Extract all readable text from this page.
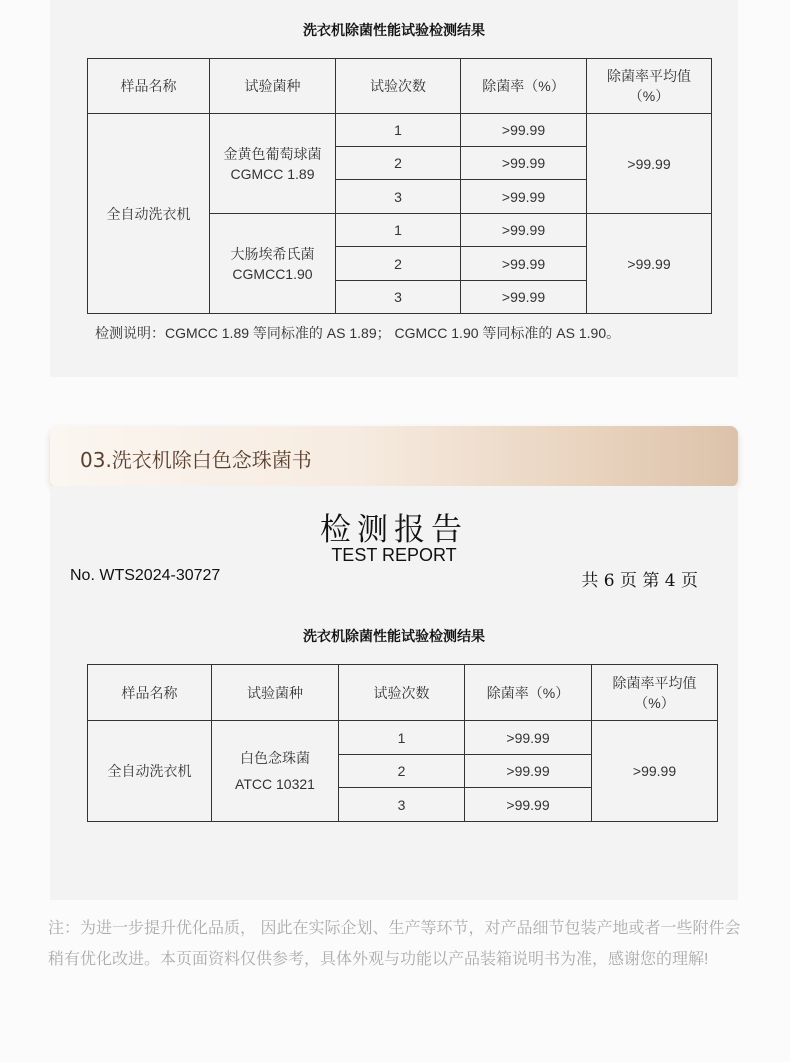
洗衣机除菌性能试验检测结果
样品名称	试验菌种	试验次数	除菌率（%）	除菌率平均值（%）

全自动洗衣机	金黄色葡萄球菌 CGMCC 1.89	1	>99.99	>99.99
		2	>99.99	
		3	>99.99	

	大肠埃希氏菌 CGMCC1.90	1	>99.99	>99.99
		2	>99.99	
		3	>99.99	
检测说明：CGMCC 1.89 等同标准的 AS 1.89； CGMCC 1.90 等同标准的 AS 1.90。
03.洗衣机除白色念珠菌书
检测报告
TEST REPORT
No. WTS2024-30727	共 6 页 第 4 页
洗衣机除菌性能试验检测结果
样品名称	试验菌种	试验次数	除菌率（%）	除菌率平均值（%）

全自动洗衣机	白色念珠菌 ATCC 10321	1	>99.99	>99.99
		2	>99.99	
		3	>99.99	
注：为进一步提升优化品质， 因此在实际企划、生产等环节，对产品细节包装产地或者一些附件会稍有优化改进。本页面资料仅供参考，具体外观与功能以产品装箱说明书为准，感谢您的理解!
